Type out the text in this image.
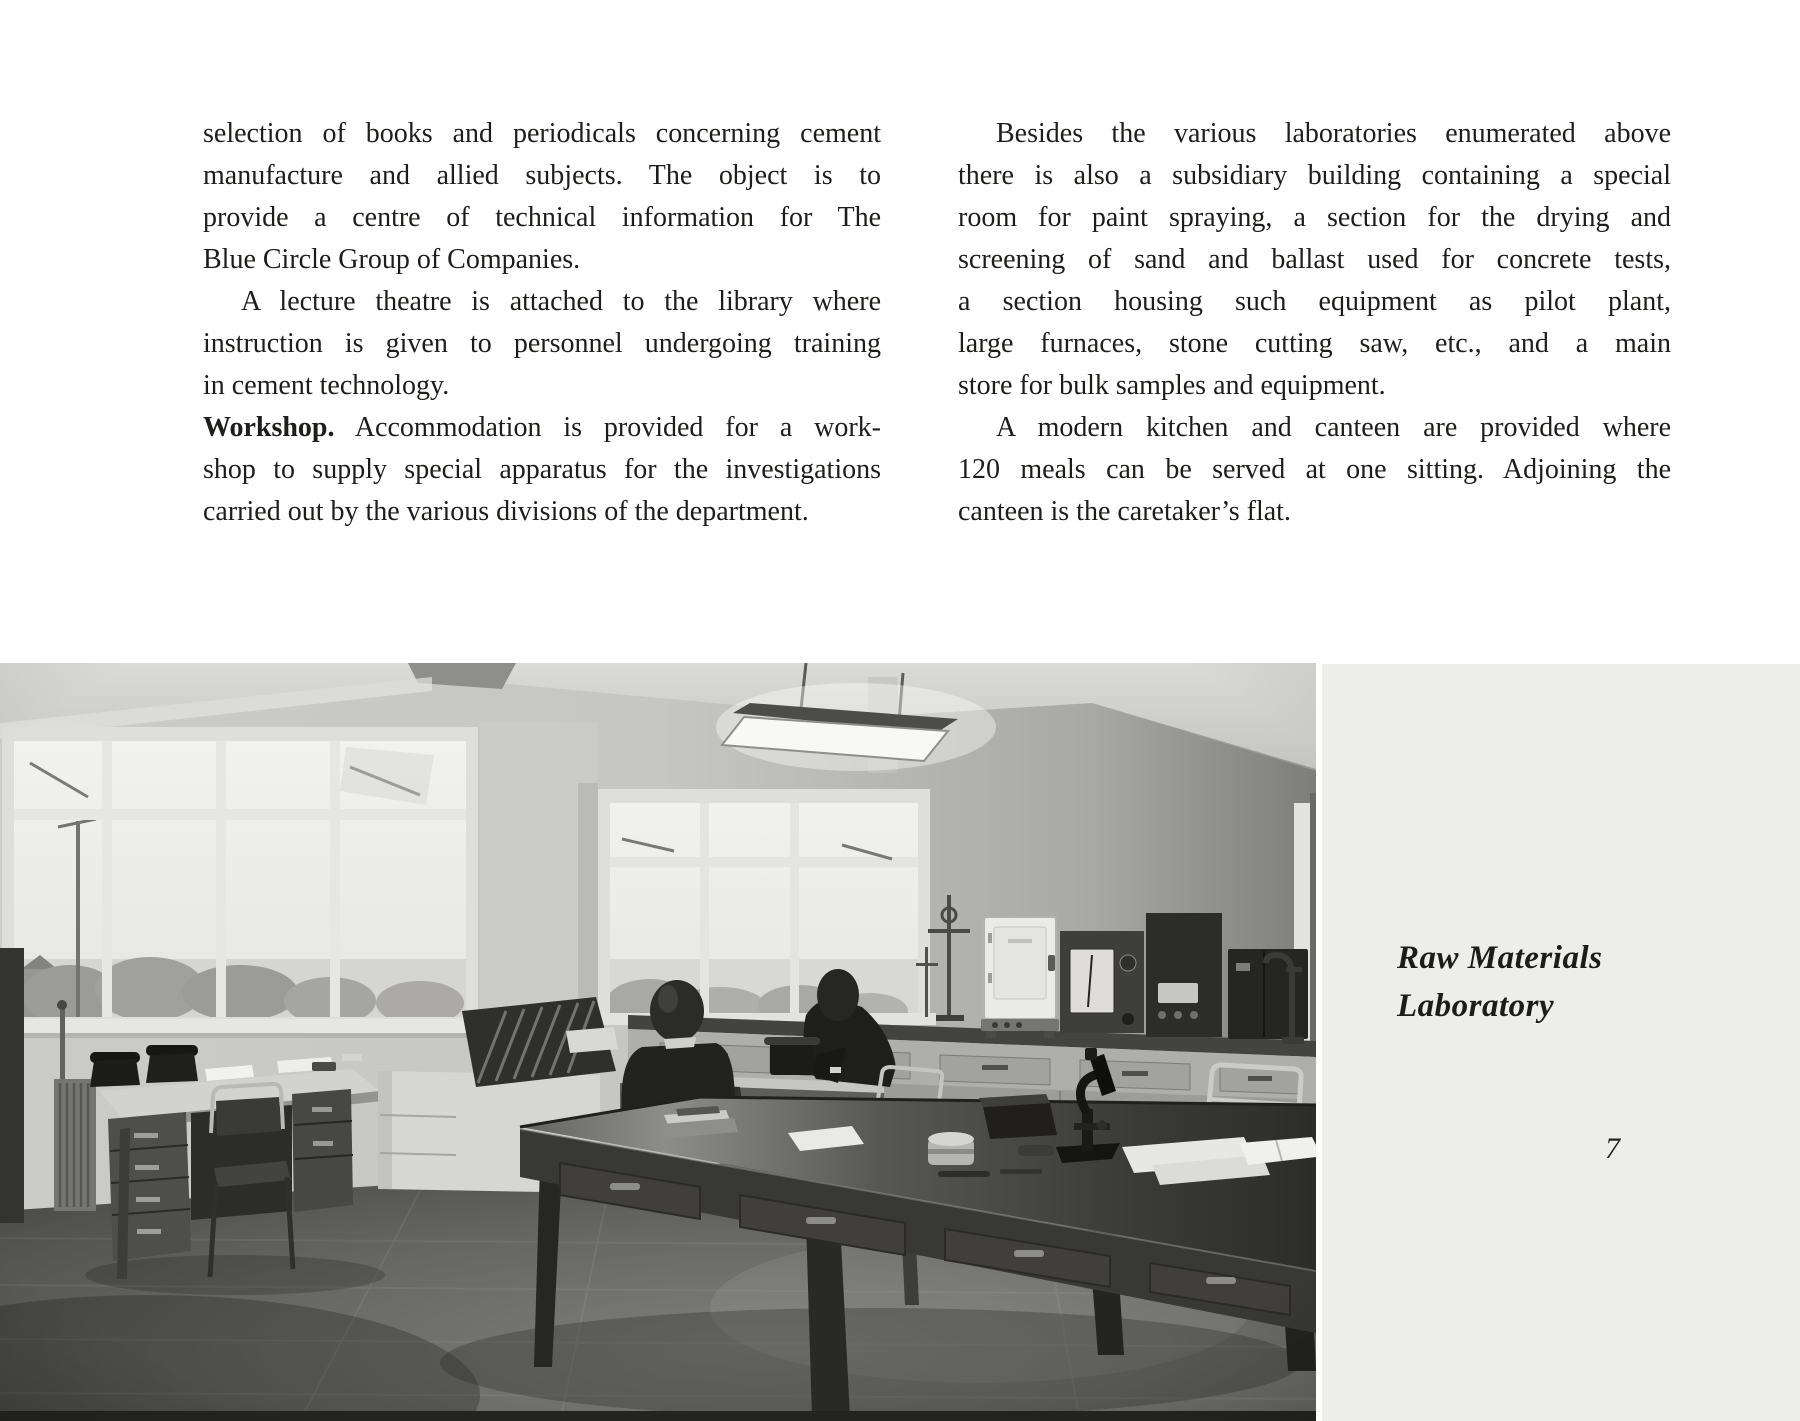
selection of books and periodicals concerning cement
manufacture and allied subjects. The object is to
provide a centre of technical information for The
Blue Circle Group of Companies.
A lecture theatre is attached to the library where
instruction is given to personnel undergoing training
in cement technology.
Workshop. Accommodation is provided for a work-
shop to supply special apparatus for the investigations
carried out by the various divisions of the department.
Besides the various laboratories enumerated above
there is also a subsidiary building containing a special
room for paint spraying, a section for the drying and
screening of sand and ballast used for concrete tests,
a section housing such equipment as pilot plant,
large furnaces, stone cutting saw, etc., and a main
store for bulk samples and equipment.
A modern kitchen and canteen are provided where
120 meals can be served at one sitting. Adjoining the
canteen is the caretaker’s flat.
Raw Materials
Laboratory
7
